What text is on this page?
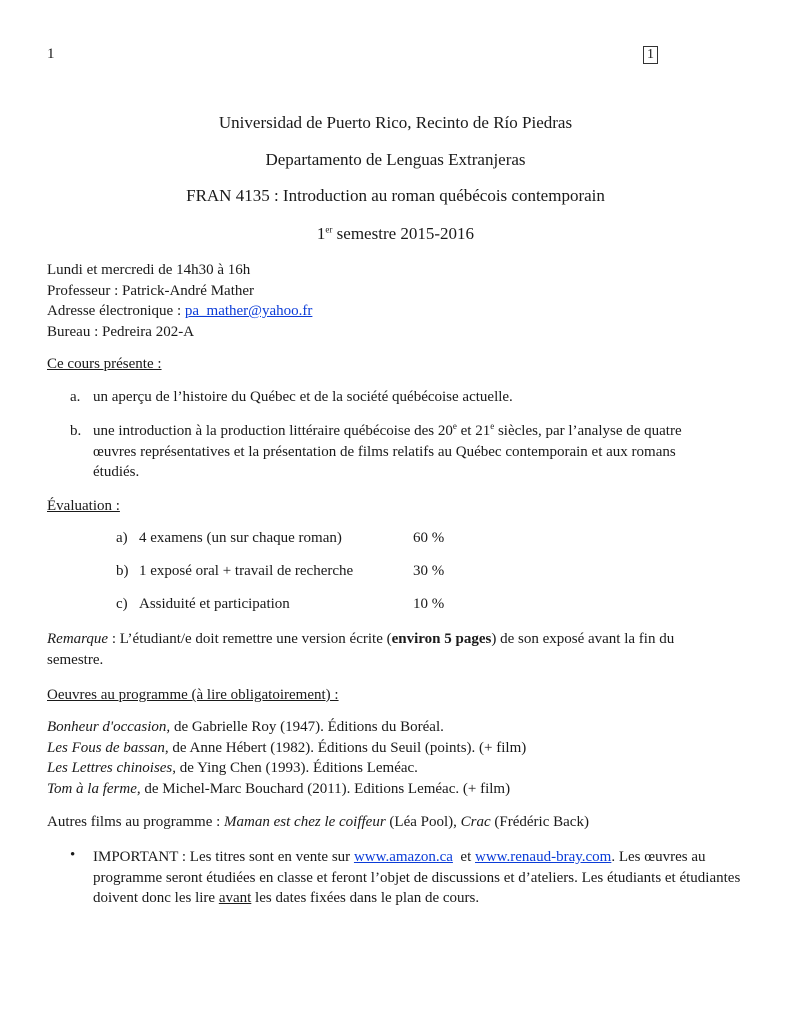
1	1
Universidad de Puerto Rico, Recinto de Río Piedras
Departamento de Lenguas Extranjeras
FRAN 4135 : Introduction au roman québécois contemporain
1er semestre 2015-2016
Lundi et mercredi de 14h30 à 16h
Professeur : Patrick-André Mather
Adresse électronique : pa_mather@yahoo.fr
Bureau : Pedreira 202-A
Ce cours présente :
a. un aperçu de l’histoire du Québec et de la société québécoise actuelle.
b. une introduction à la production littéraire québécoise des 20e et 21e siècles, par l’analyse de quatre œuvres représentatives et la présentation de films relatifs au Québec contemporain et aux romans étudiés.
Évaluation :
a) 4 examens (un sur chaque roman)	60 %
b) 1 exposé oral + travail de recherche	30 %
c) Assiduité et participation	10 %
Remarque : L’étudiant/e doit remettre une version écrite (environ 5 pages) de son exposé avant la fin du semestre.
Oeuvres au programme (à lire obligatoirement) :
Bonheur d'occasion, de Gabrielle Roy (1947). Éditions du Boréal.
Les Fous de bassan, de Anne Hébert (1982). Éditions du Seuil (points). (+ film)
Les Lettres chinoises, de Ying Chen (1993). Éditions Leméac.
Tom à la ferme, de Michel-Marc Bouchard (2011). Editions Leméac. (+ film)
Autres films au programme : Maman est chez le coiffeur (Léa Pool), Crac (Frédéric Back)
• IMPORTANT : Les titres sont en vente sur www.amazon.ca  et www.renaud-bray.com. Les œuvres au programme seront étudiées en classe et feront l’objet de discussions et d’ateliers. Les étudiants et étudiantes doivent donc les lire avant les dates fixées dans le plan de cours.
